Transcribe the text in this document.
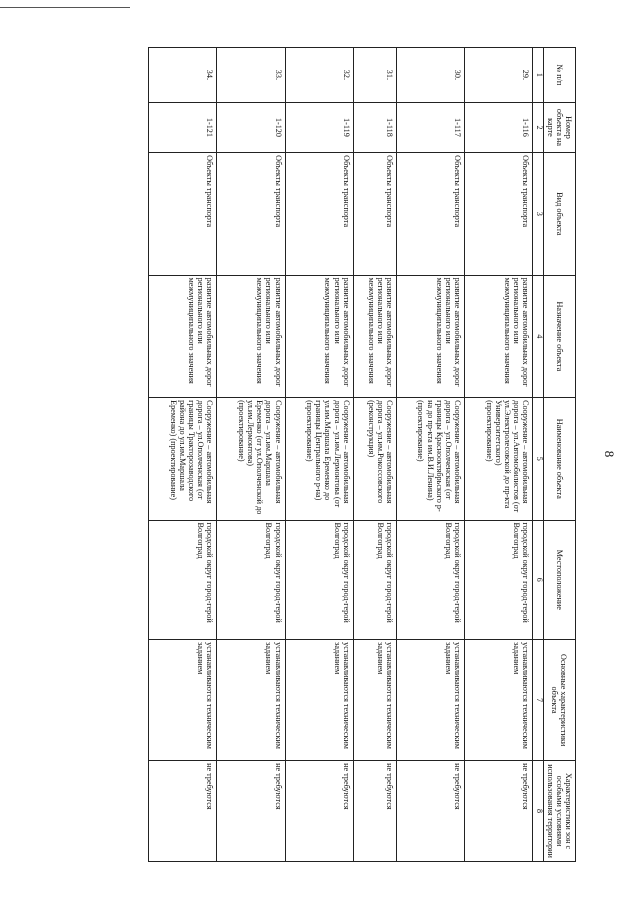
8
№ п/п	Номер объекта на карте	Вид объекта	Назначение объекта	Наименование объекта	Местоположение	Основные характеристики объекта	Характеристики зон с особыми условиями использования территории
1	2	3	4	5	6	7	8
29.	1-116	Объекты транспорта	развитие автомобильных дорог регионального или межмуниципального значения	Сооружение – автомобильная дорога – ул.Автомобилистов (от ул.Электролесовской до пр-кта Университетского) (проектирование)	городской округ город-герой Волгоград	устанавливаются техническим заданием	не требуются
30.	1-117	Объекты транспорта	развитие автомобильных дорог регионального или межмуниципального значения	Сооружение – автомобильная дорога – ул.Ополченская (от границы Краснооктябрьского р-на до пр-кта им.В.И.Ленина) (проектирование)	городской округ город-герой Волгоград	устанавливаются техническим заданием	не требуются
31.	1-118	Объекты транспорта	развитие автомобильных дорог регионального или межмуниципального значения	Сооружение – автомобильная дорога – ул.им.Рокоссовского (реконструкция)	городской округ город-герой Волгоград	устанавливаются техническим заданием	не требуются
32.	1-119	Объекты транспорта	развитие автомобильных дорог регионального или межмуниципального значения	Сооружение – автомобильная дорога – ул.им.Лермонтова (от ул.им.Маршала Еременко до границы Центрального р-на) (проектирование)	городской округ город-герой Волгоград	устанавливаются техническим заданием	не требуются
33.	1-120	Объекты транспорта	развитие автомобильных дорог регионального или межмуниципального значения	Сооружение – автомобильная дорога – ул.им.Маршала Еременко (от ул.Ополченской до ул.им.Лермонтова) (проектирование)	городской округ город-герой Волгоград	устанавливаются техническим заданием	не требуются
34.	1-121	Объекты транспорта	развитие автомобильных дорог регионального или межмуниципального значения	Сооружение – автомобильная дорога – ул.Ополченская (от границы Тракторозаводского района до ул.им.Маршала Еременко) (проектирование)	городской округ город-герой Волгоград	устанавливаются техническим заданием	не требуются
